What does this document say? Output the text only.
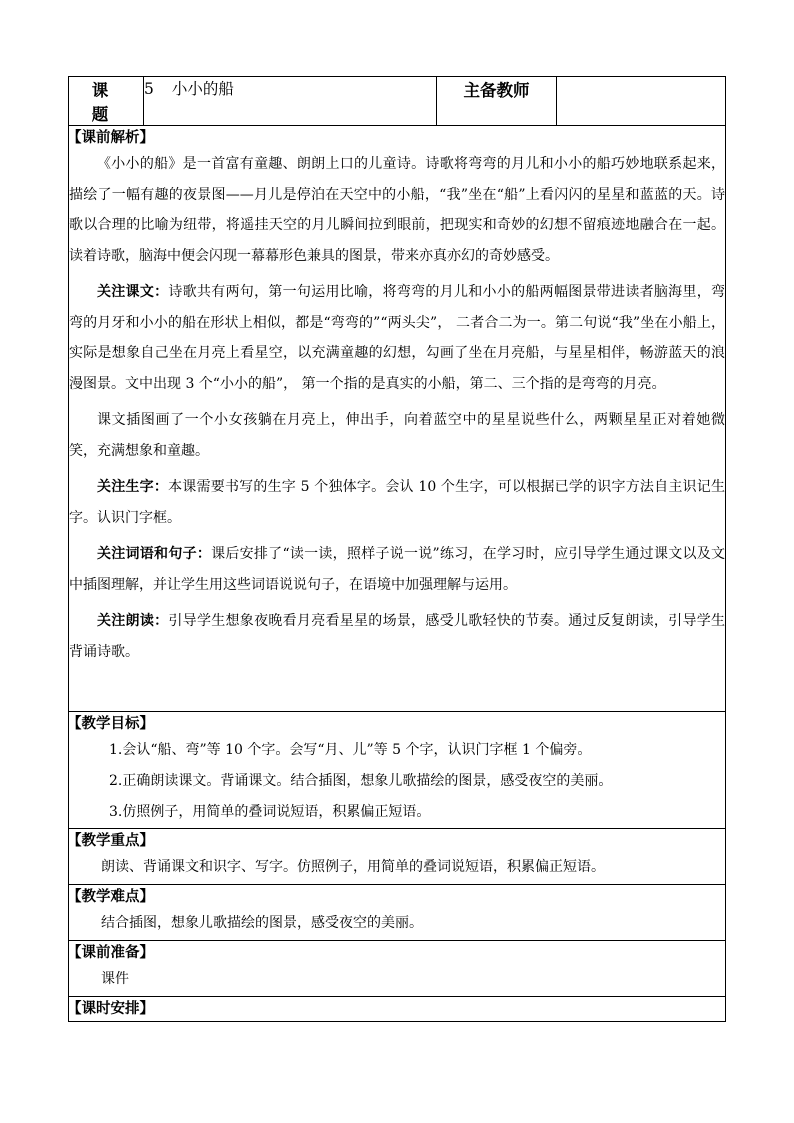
课 题	5 小小的船	主备教师	

【课前解析】

《小小的船》是一首富有童趣、朗朗上口的儿童诗。诗歌将弯弯的月儿和小小的船巧妙地联系起来，描绘了一幅有趣的夜景图——月儿是停泊在天空中的小船，“我”坐在“船”上看闪闪的星星和蓝蓝的天。诗歌以合理的比喻为纽带，将遥挂天空的月儿瞬间拉到眼前，把现实和奇妙的幻想不留痕迹地融合在一起。读着诗歌，脑海中便会闪现一幕幕形色兼具的图景，带来亦真亦幻的奇妙感受。

关注课文：诗歌共有两句，第一句运用比喻，将弯弯的月儿和小小的船两幅图景带进读者脑海里，弯弯的月牙和小小的船在形状上相似，都是“弯弯的”“两头尖”， 二者合二为一。第二句说“我”坐在小船上，实际是想象自己坐在月亮上看星空，以充满童趣的幻想，勾画了坐在月亮船，与星星相伴，畅游蓝天的浪漫图景。文中出现 3 个“小小的船”， 第一个指的是真实的小船，第二、三个指的是弯弯的月亮。

课文插图画了一个小女孩躺在月亮上，伸出手，向着蓝空中的星星说些什么，两颗星星正对着她微笑，充满想象和童趣。

关注生字：本课需要书写的生字 5 个独体字。会认 10 个生字，可以根据已学的识字方法自主识记生字。认识门字框。

关注词语和句子：课后安排了“读一读，照样子说一说”练习，在学习时，应引导学生通过课文以及文中插图理解，并让学生用这些词语说说句子，在语境中加强理解与运用。

关注朗读：引导学生想象夜晚看月亮看星星的场景，感受儿歌轻快的节奏。通过反复朗读，引导学生背诵诗歌。

【教学目标】
1.会认“船、弯”等 10 个字。会写“月、儿”等 5 个字，认识门字框 1 个偏旁。
2.正确朗读课文。背诵课文。结合插图，想象儿歌描绘的图景，感受夜空的美丽。
3.仿照例子，用简单的叠词说短语，积累偏正短语。

【教学重点】
朗读、背诵课文和识字、写字。仿照例子，用简单的叠词说短语，积累偏正短语。

【教学难点】
结合插图，想象儿歌描绘的图景，感受夜空的美丽。

【课前准备】
课件

【课时安排】
